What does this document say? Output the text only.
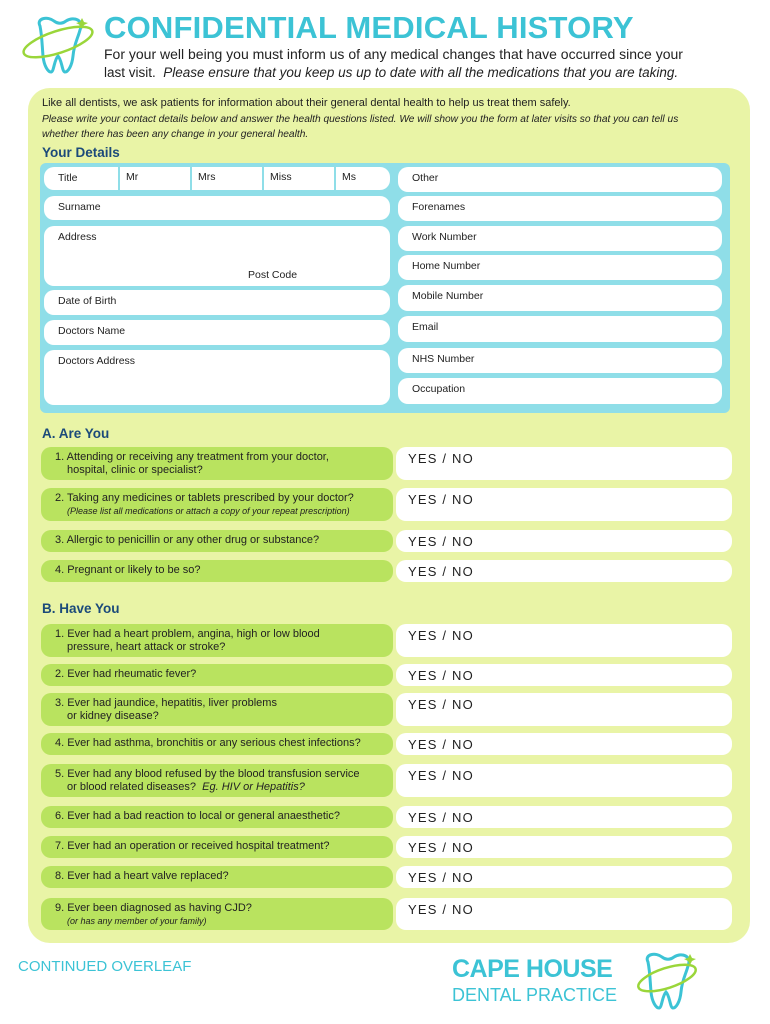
CONFIDENTIAL MEDICAL HISTORY
For your well being you must inform us of any medical changes that have occurred since your
last visit. Please ensure that you keep us up to date with all the medications that you are taking.
Like all dentists, we ask patients for information about their general dental health to help us treat them safely.
Please write your contact details below and answer the health questions listed. We will show you the form at later visits so that you can tell us whether there has been any change in your general health.
Your Details
Title	Mr	Mrs	Miss	Ms
Surname
Address
Post Code
Date of Birth
Doctors Name
Doctors Address
Other
Forenames
Work Number
Home Number
Mobile Number
Email
NHS Number
Occupation
A. Are You
1. Attending or receiving any treatment from your doctor,
hospital, clinic or specialist?
YES / NO
2. Taking any medicines or tablets prescribed by your doctor?
(Please list all medications or attach a copy of your repeat prescription)
YES / NO
3. Allergic to penicillin or any other drug or substance?	YES / NO
4. Pregnant or likely to be so?	YES / NO
B. Have You
1. Ever had a heart problem, angina, high or low blood
pressure, heart attack or stroke?
YES / NO
2. Ever had rheumatic fever?	YES / NO
3. Ever had jaundice, hepatitis, liver problems
or kidney disease?
YES / NO
4. Ever had asthma, bronchitis or any serious chest infections?	YES / NO
5. Ever had any blood refused by the blood transfusion service
or blood related diseases? Eg. HIV or Hepatitis?
YES / NO
6. Ever had a bad reaction to local or general anaesthetic?	YES / NO
7. Ever had an operation or received hospital treatment?	YES / NO
8. Ever had a heart valve replaced?	YES / NO
9. Ever been diagnosed as having CJD?
(or has any member of your family)
YES / NO
CONTINUED OVERLEAF	CAPE HOUSE
DENTAL PRACTICE
